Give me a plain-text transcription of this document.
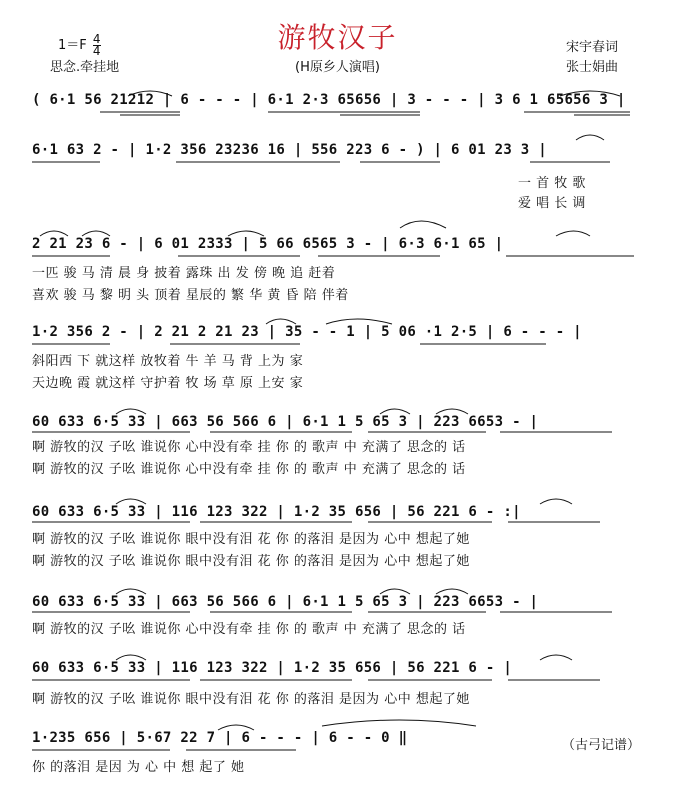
$1=F \frac{4}{4}$
思念.牵挂地
游牧汉子
(H原乡人演唱)
宋宇春词
张士娟曲
( 6·1 56 21212 | 6 - - - | 6·1 2·3 65656 | 3 - - - | 3 6 1 65656 3 |
6·1 63 2 - | 1·2 356 23236 16 | 556 223 6 - ) | 6 01 23 3 |
一 首 牧 歌
爱 唱 长 调
2 21 23 6 - | 6 01 2333 | 5 66 6565 3 - | 6·3 6·1 65 |
一匹 骏 马 清 晨 身 披着 露珠 出 发 傍 晚 追 赶着
喜欢 骏 马 黎 明 头 顶着 星辰的 繁 华 黄 昏 陪 伴着
1·2 356 2 - | 2 21 2 21 23 | 35 - - 1 | 5 06 ·1 2·5 | 6 - - - |
斜阳西 下 就这样 放牧着 牛 羊 马 背 上为 家
天边晚 霞 就这样 守护着 牧 场 草 原 上安 家
60 633 6·5 33 | 663 56 566 6 | 6·1 1 5 65 3 | 223 6653 - |
啊 游牧的汉 子吆 谁说你 心中没有牵 挂 你 的 歌声 中 充满了 思念的 话
啊 游牧的汉 子吆 谁说你 心中没有牵 挂 你 的 歌声 中 充满了 思念的 话
60 633 6·5 33 | 116 123 322 | 1·2 35 656 | 56 221 6 - :|
啊 游牧的汉 子吆 谁说你 眼中没有泪 花 你 的落泪 是因为 心中 想起了她
啊 游牧的汉 子吆 谁说你 眼中没有泪 花 你 的落泪 是因为 心中 想起了她
60 633 6·5 33 | 663 56 566 6 | 6·1 1 5 65 3 | 223 6653 - |
啊 游牧的汉 子吆 谁说你 心中没有牵 挂 你 的 歌声 中 充满了 思念的 话
60 633 6·5 33 | 116 123 322 | 1·2 35 656 | 56 221 6 - |
啊 游牧的汉 子吆 谁说你 眼中没有泪 花 你 的落泪 是因为 心中 想起了她
1·235 656 | 5·67 22 7 | 6 - - - | 6 - - 0 ‖
你 的落泪 是因 为 心 中 想 起了 她
（古弓记谱）
